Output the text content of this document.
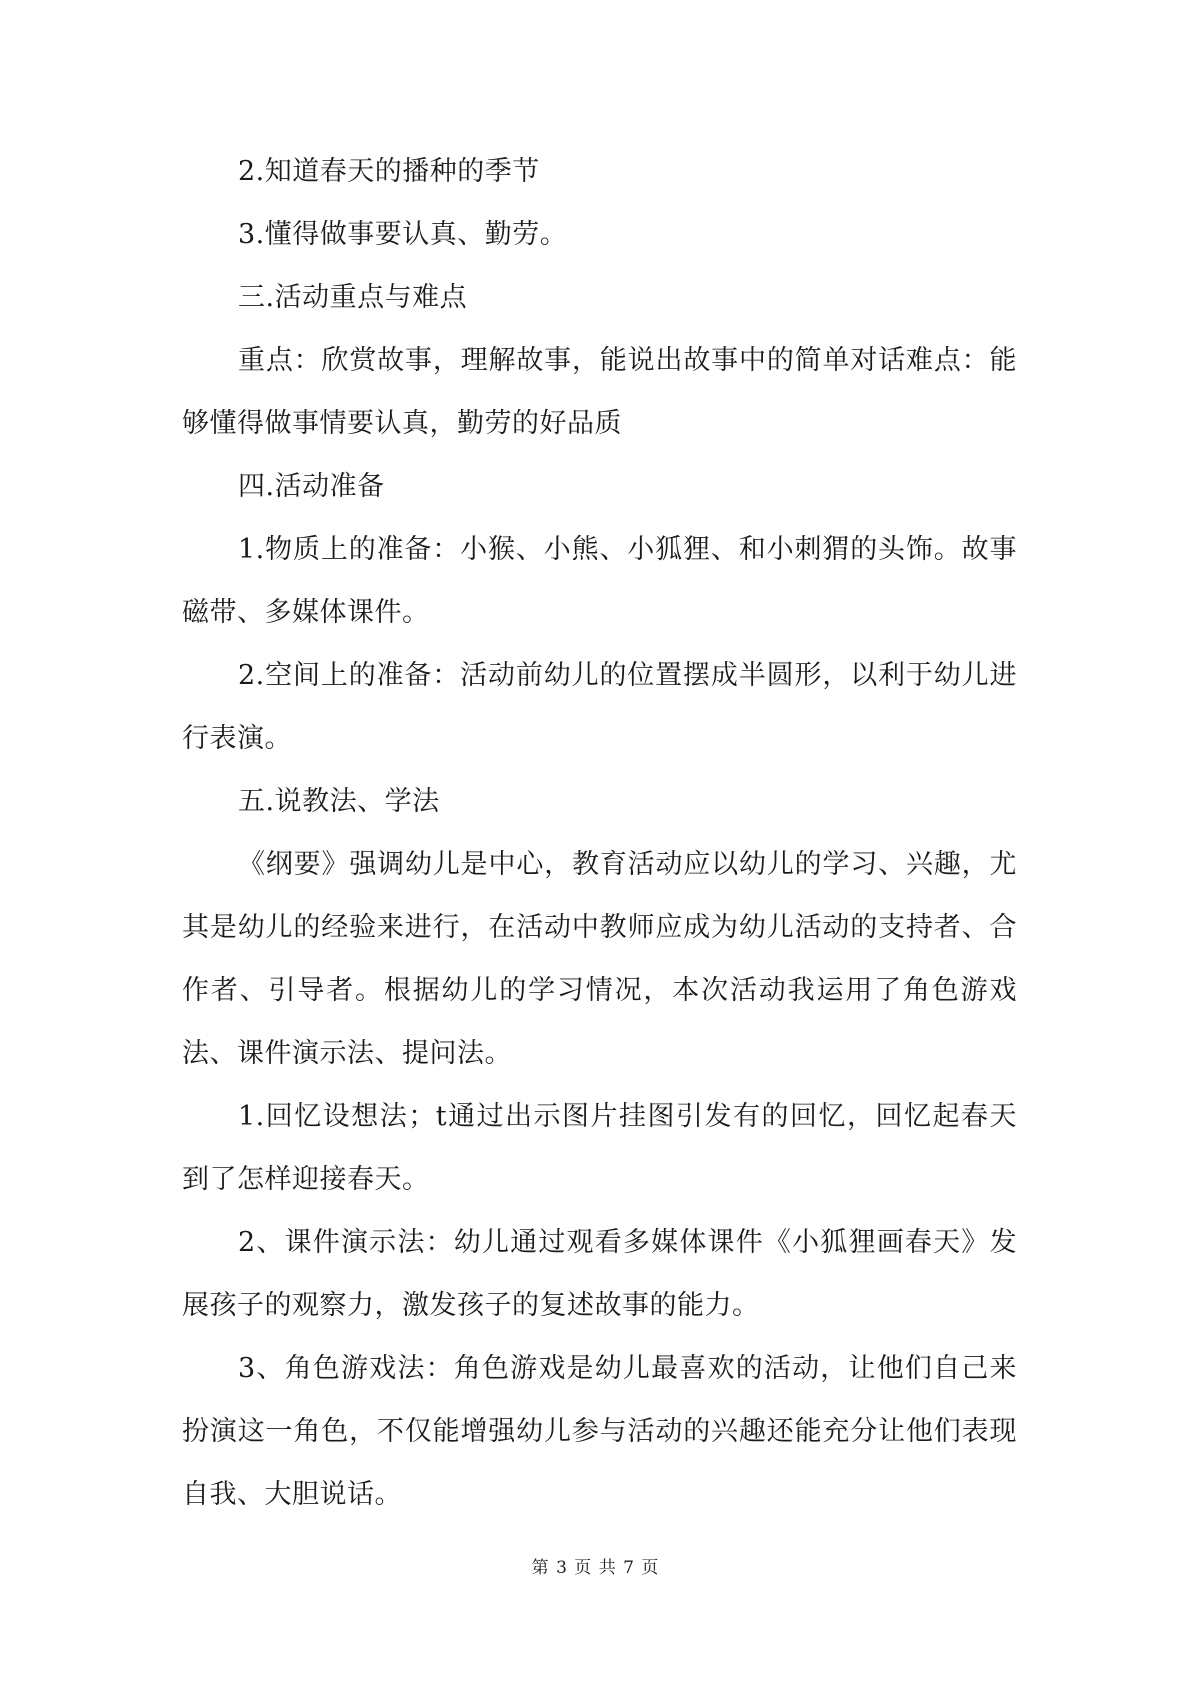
2.知道春天的播种的季节

3.懂得做事要认真、勤劳。

三.活动重点与难点

重点：欣赏故事，理解故事，能说出故事中的简单对话难点：能够懂得做事情要认真，勤劳的好品质

四.活动准备

1.物质上的准备：小猴、小熊、小狐狸、和小刺猬的头饰。故事磁带、多媒体课件。

2.空间上的准备：活动前幼儿的位置摆成半圆形，以利于幼儿进行表演。

五.说教法、学法

《纲要》强调幼儿是中心，教育活动应以幼儿的学习、兴趣，尤其是幼儿的经验来进行，在活动中教师应成为幼儿活动的支持者、合作者、引导者。根据幼儿的学习情况，本次活动我运用了角色游戏法、课件演示法、提问法。

1.回忆设想法；t通过出示图片挂图引发有的回忆，回忆起春天到了怎样迎接春天。

2、课件演示法：幼儿通过观看多媒体课件《小狐狸画春天》发展孩子的观察力，激发孩子的复述故事的能力。

3、角色游戏法：角色游戏是幼儿最喜欢的活动，让他们自己来扮演这一角色，不仅能增强幼儿参与活动的兴趣还能充分让他们表现自我、大胆说话。

第 3 页 共 7 页
